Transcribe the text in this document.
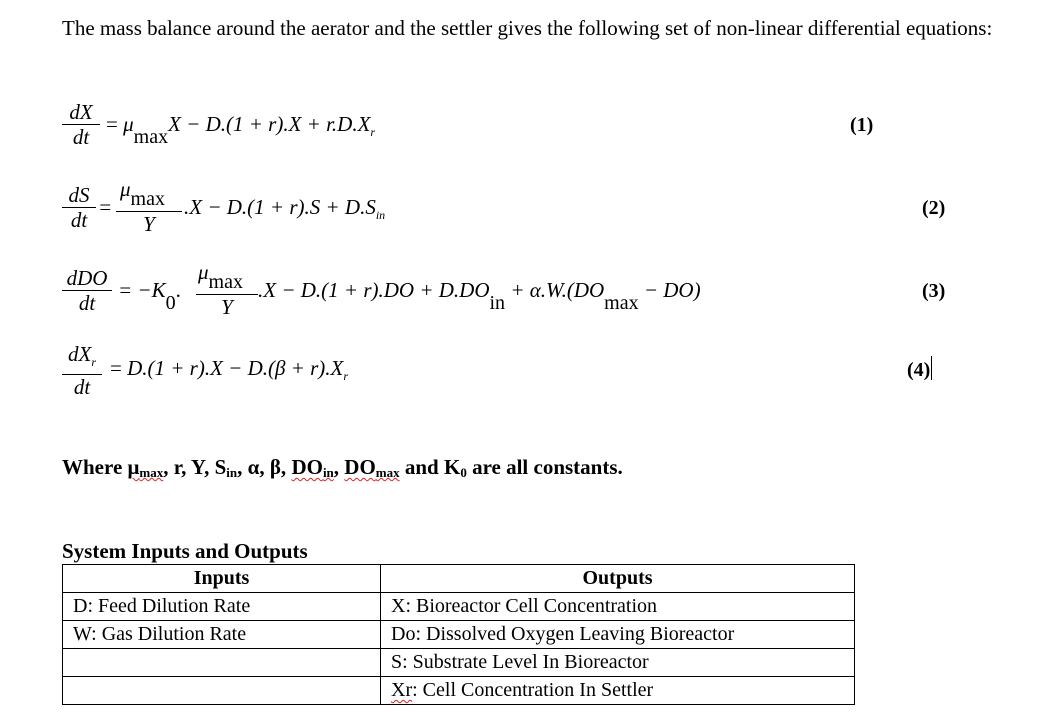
The mass balance around the aerator and the settler gives the following set of non-linear differential equations:
dX
dt
= $\mu\max X - D.(1 + r).X + r.D.X_r$	(1)
dS
dt
=
μmax
Y
$.X - D.(1 + r).S + D.S_{in}$	(2)
dDO
dt
= −K0.
μmax
Y
.X − D.(1 + r).DO + D.DOin + α.W.(DOmax − DO)	(3)
$dX_r$
dt
= $D.(1 + r).X - D.(\beta + r).X_r$	(4)
Where $\mu_{max}$, r, Y, $S_{in}$, α, β, $DO_{in}$, $DO_{max}$ and $K_0$ are all constants.
System Inputs and Outputs
Inputs	Outputs
D: Feed Dilution Rate	X: Bioreactor Cell Concentration
W: Gas Dilution Rate	Do: Dissolved Oxygen Leaving Bioreactor
	S: Substrate Level In Bioreactor
	Xr: Cell Concentration In Settler
